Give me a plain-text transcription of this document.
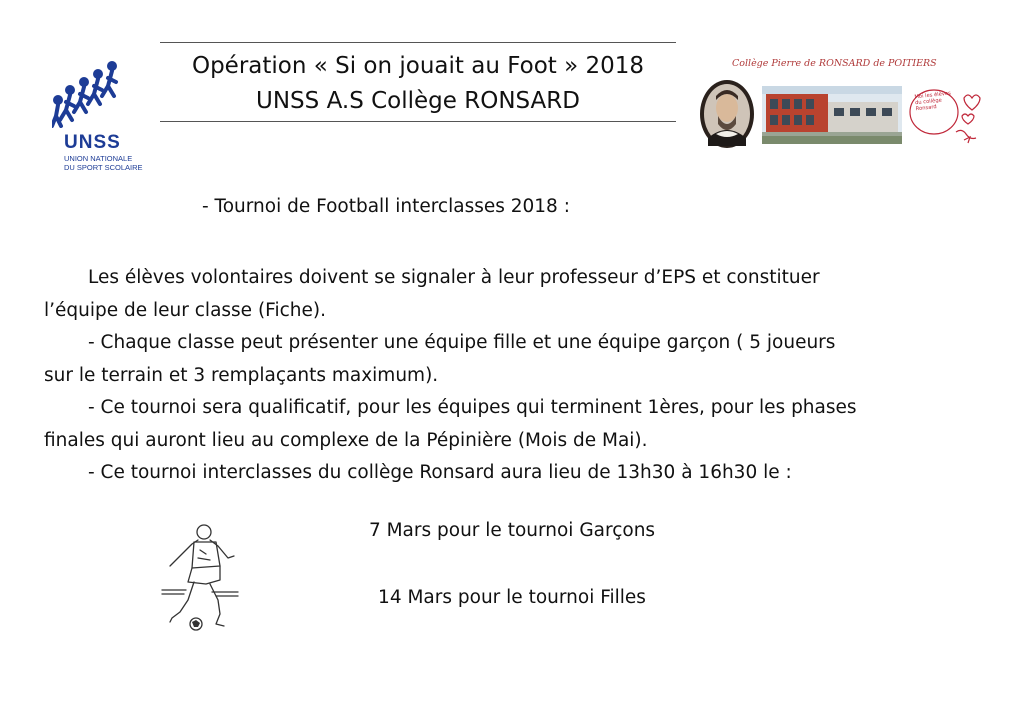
UNSS
UNION NATIONALE DU SPORT SCOLAIRE
Opération « Si on jouait au Foot » 2018
UNSS A.S Collège RONSARD
Collège Pierre de RONSARD de POITIERS
Moi les élèves du collège Ronsard
- Tournoi de Football interclasses 2018 :
Les élèves volontaires doivent se signaler à leur professeur d’EPS et constituer
l’équipe de leur classe (Fiche).
- Chaque classe peut présenter une équipe fille et une équipe garçon ( 5 joueurs
sur le terrain et 3 remplaçants maximum).
- Ce tournoi sera qualificatif, pour les équipes qui terminent 1ères, pour les phases
finales qui auront lieu au complexe de la Pépinière (Mois de Mai).
- Ce tournoi interclasses du collège Ronsard aura lieu de 13h30 à 16h30 le :
7 Mars pour le tournoi Garçons
14 Mars pour le tournoi Filles
